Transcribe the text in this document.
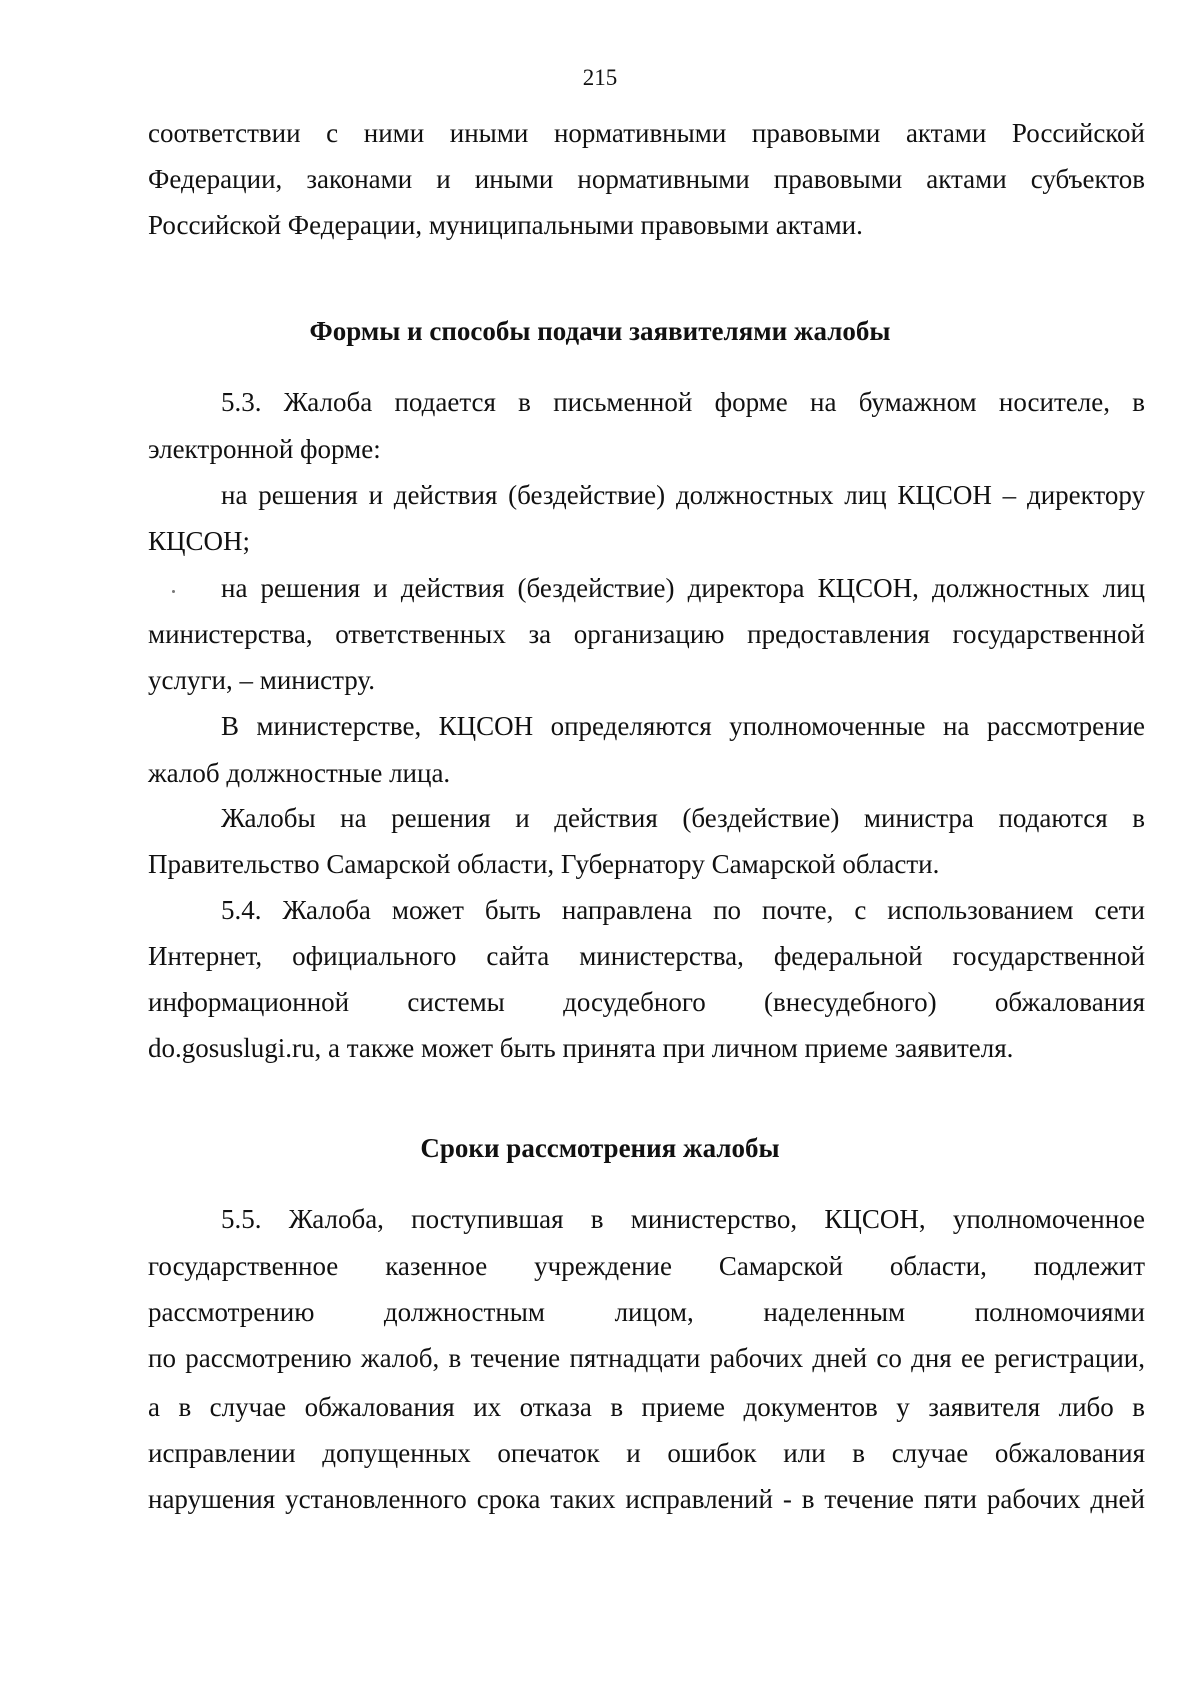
215
соответствии с ними иными нормативными правовыми актами Российской
Федерации, законами и иными нормативными правовыми актами субъектов
Российской Федерации, муниципальными правовыми актами.
Формы и способы подачи заявителями жалобы
5.3. Жалоба подается в письменной форме на бумажном носителе, в
электронной форме:
на решения и действия (бездействие) должностных лиц КЦСОН – директору
КЦСОН;
на решения и действия (бездействие) директора КЦСОН, должностных лиц
министерства, ответственных за организацию предоставления государственной
услуги, – министру.
В министерстве, КЦСОН определяются уполномоченные на рассмотрение
жалоб должностные лица.
Жалобы на решения и действия (бездействие) министра подаются в
Правительство Самарской области, Губернатору Самарской области.
5.4. Жалоба может быть направлена по почте, с использованием сети
Интернет, официального сайта министерства, федеральной государственной
информационной системы досудебного (внесудебного) обжалования
do.gosuslugi.ru, а также может быть принята при личном приеме заявителя.
Сроки рассмотрения жалобы
5.5. Жалоба, поступившая в министерство, КЦСОН, уполномоченное
государственное казенное учреждение Самарской области, подлежит
рассмотрению должностным лицом, наделенным полномочиями
по рассмотрению жалоб, в течение пятнадцати рабочих дней со дня ее регистрации,
а в случае обжалования их отказа в приеме документов у заявителя либо в
исправлении допущенных опечаток и ошибок или в случае обжалования
нарушения установленного срока таких исправлений - в течение пяти рабочих дней
